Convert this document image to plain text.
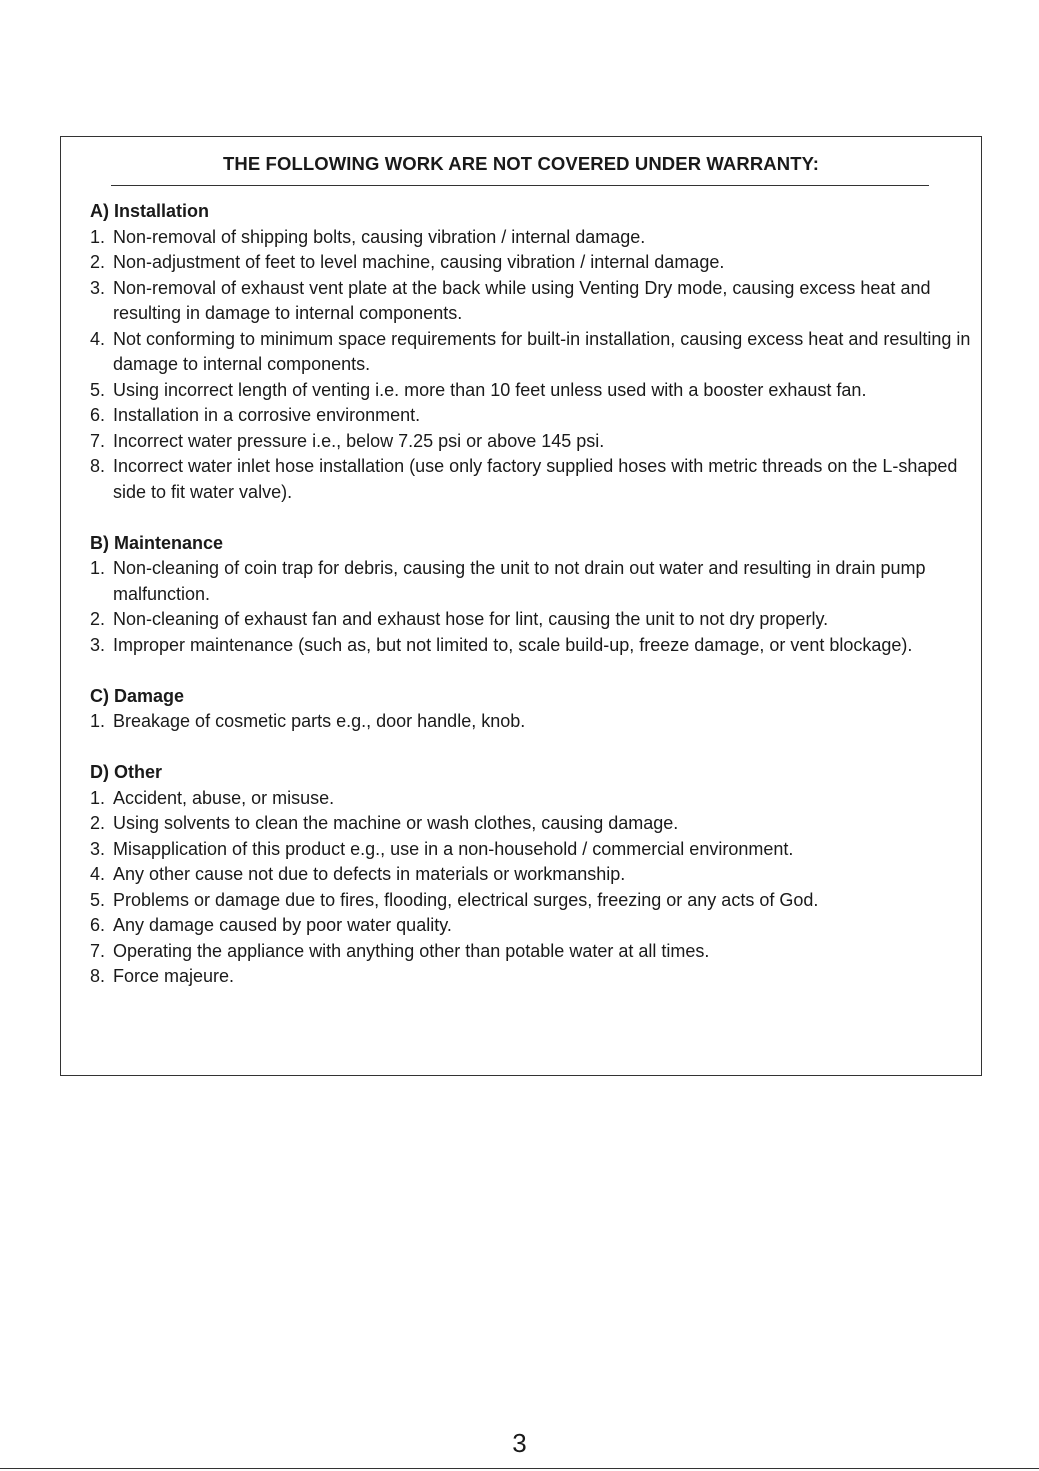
THE FOLLOWING WORK ARE NOT COVERED UNDER WARRANTY:
A) Installation
1. Non-removal of shipping bolts, causing vibration / internal damage.
2. Non-adjustment of feet to level machine, causing vibration / internal damage.
3. Non-removal of exhaust vent plate at the back while using Venting Dry mode, causing excess heat and resulting in damage to internal components.
4. Not conforming to minimum space requirements for built-in installation, causing excess heat and resulting in damage to internal components.
5. Using incorrect length of venting i.e. more than 10 feet unless used with a booster exhaust fan.
6. Installation in a corrosive environment.
7. Incorrect water pressure i.e., below 7.25 psi or above 145 psi.
8. Incorrect water inlet hose installation (use only factory supplied hoses with metric threads on the L-shaped side to fit water valve).
B) Maintenance
1. Non-cleaning of coin trap for debris, causing the unit to not drain out water and resulting in drain pump malfunction.
2. Non-cleaning of exhaust fan and exhaust hose for lint, causing the unit to not dry properly.
3. Improper maintenance (such as, but not limited to, scale build-up, freeze damage, or vent blockage).
C) Damage
1. Breakage of cosmetic parts e.g., door handle, knob.
D) Other
1. Accident, abuse, or misuse.
2. Using solvents to clean the machine or wash clothes, causing damage.
3. Misapplication of this product e.g., use in a non-household / commercial environment.
4. Any other cause not due to defects in materials or workmanship.
5. Problems or damage due to fires, flooding, electrical surges, freezing or any acts of God.
6. Any damage caused by poor water quality.
7. Operating the appliance with anything other than potable water at all times.
8. Force majeure.

3
